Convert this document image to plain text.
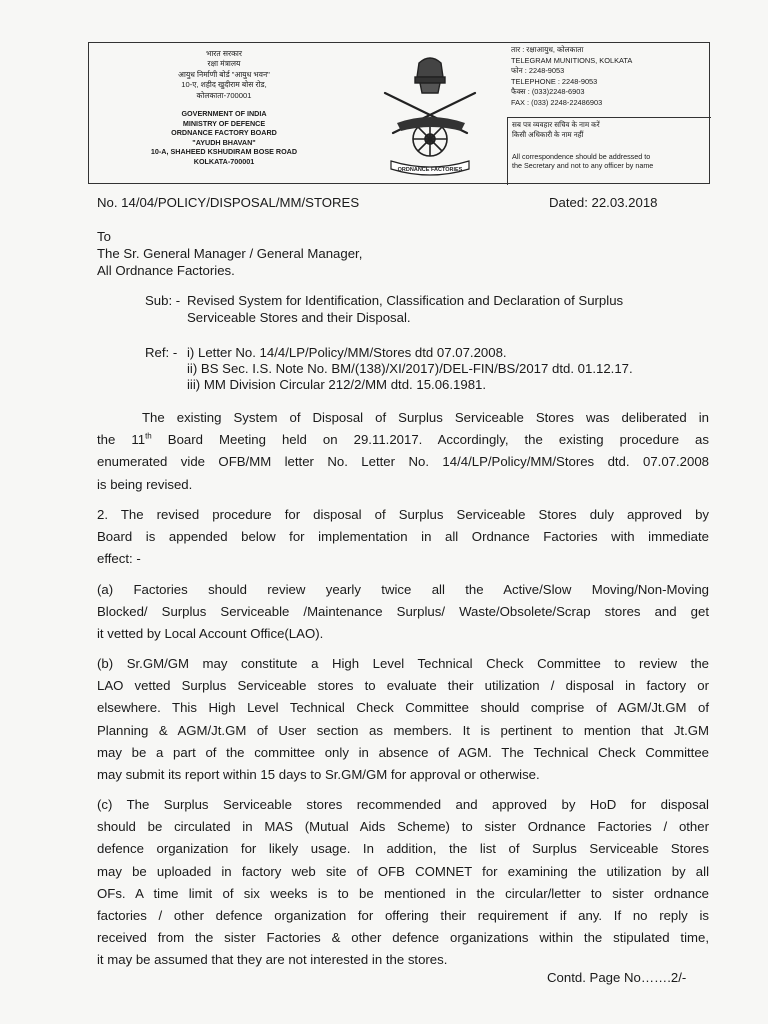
भारत सरकार
रक्षा मंत्रालय
आयुध निर्माणी बोर्ड "आयुध भवन"
10-ए, शहीद खुदीराम बोस रोड,
कोलकाता-700001
GOVERNMENT OF INDIA
MINISTRY OF DEFENCE
ORDNANCE FACTORY BOARD
"AYUDH BHAVAN"
10-A, SHAHEED KSHUDIRAM BOSE ROAD
KOLKATA-700001
ORDNANCE FACTORIES
तार : रक्षाआयुध, कोलकाता
TELEGRAM MUNITIONS, KOLKATA
फोन : 2248-9053
TELEPHONE : 2248-9053
फैक्स : (033)2248-6903
FAX : (033) 2248-22486903
सब पत्र व्यवहार सचिव के नाम करें
किसी अधिकारी के नाम नहीं
All correspondence should be addressed to
the Secretary and not to any officer by name
No. 14/04/POLICY/DISPOSAL/MM/STORES	Dated: 22.03.2018
To
The Sr. General Manager / General Manager,
All Ordnance Factories.
Sub: - Revised System for Identification, Classification and Declaration of Surplus
Serviceable Stores and their Disposal.
Ref: - i) Letter No. 14/4/LP/Policy/MM/Stores dtd 07.07.2008.
ii) BS Sec. I.S. Note No. BM/(138)/XI/2017)/DEL-FIN/BS/2017 dtd. 01.12.17.
iii) MM Division Circular 212/2/MM dtd. 15.06.1981.
The existing System of Disposal of Surplus Serviceable Stores was deliberated in
the 11th Board Meeting held on 29.11.2017. Accordingly, the existing procedure as
enumerated vide OFB/MM letter No. Letter No. 14/4/LP/Policy/MM/Stores dtd. 07.07.2008
is being revised.
2. The revised procedure for disposal of Surplus Serviceable Stores duly approved by
Board is appended below for implementation in all Ordnance Factories with immediate
effect: -
(a) Factories should review yearly twice all the Active/Slow Moving/Non-Moving
Blocked/ Surplus Serviceable /Maintenance Surplus/ Waste/Obsolete/Scrap stores and get
it vetted by Local Account Office(LAO).
(b) Sr.GM/GM may constitute a High Level Technical Check Committee to review the
LAO vetted Surplus Serviceable stores to evaluate their utilization / disposal in factory or
elsewhere. This High Level Technical Check Committee should comprise of AGM/Jt.GM of
Planning & AGM/Jt.GM of User section as members. It is pertinent to mention that Jt.GM
may be a part of the committee only in absence of AGM. The Technical Check Committee
may submit its report within 15 days to Sr.GM/GM for approval or otherwise.
(c) The Surplus Serviceable stores recommended and approved by HoD for disposal
should be circulated in MAS (Mutual Aids Scheme) to sister Ordnance Factories / other
defence organization for likely usage. In addition, the list of Surplus Serviceable Stores
may be uploaded in factory web site of OFB COMNET for examining the utilization by all
OFs. A time limit of six weeks is to be mentioned in the circular/letter to sister ordnance
factories / other defence organization for offering their requirement if any. If no reply is
received from the sister Factories & other defence organizations within the stipulated time,
it may be assumed that they are not interested in the stores.
Contd. Page No…….2/-
